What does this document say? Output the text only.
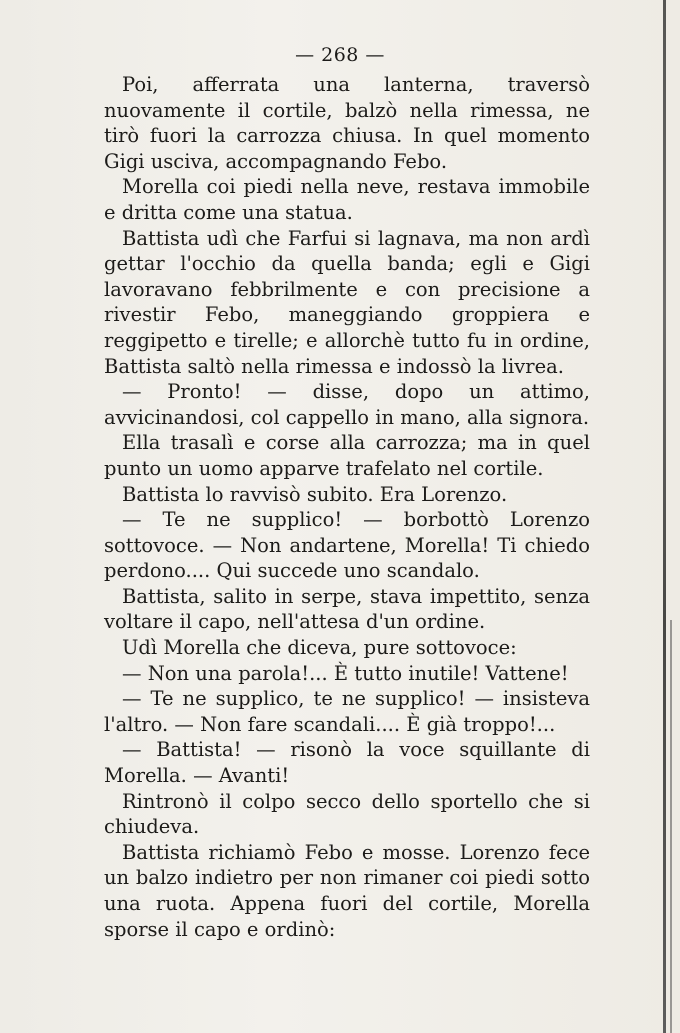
— 268 —

Poi, afferrata una lanterna, traversò nuovamente il cortile, balzò nella rimessa, ne tirò fuori la carrozza chiusa. In quel momento Gigi usciva, accompagnando Febo.

Morella coi piedi nella neve, restava immobile e dritta come una statua.

Battista udì che Farfui si lagnava, ma non ardì gettar l'occhio da quella banda; egli e Gigi lavoravano febbrilmente e con precisione a rivestir Febo, maneggiando groppiera e reggipetto e tirelle; e allorchè tutto fu in ordine, Battista saltò nella rimessa e indossò la livrea.

— Pronto! — disse, dopo un attimo, avvicinandosi, col cappello in mano, alla signora.

Ella trasalì e corse alla carrozza; ma in quel punto un uomo apparve trafelato nel cortile.

Battista lo ravvisò subito. Era Lorenzo.

— Te ne supplico! — borbottò Lorenzo sottovoce. — Non andartene, Morella! Ti chiedo perdono.... Qui succede uno scandalo.

Battista, salito in serpe, stava impettito, senza voltare il capo, nell'attesa d'un ordine.

Udì Morella che diceva, pure sottovoce:

— Non una parola!... È tutto inutile! Vattene!

— Te ne supplico, te ne supplico! — insisteva l'altro. — Non fare scandali.... È già troppo!...

— Battista! — risonò la voce squillante di Morella. — Avanti!

Rintronò il colpo secco dello sportello che si chiudeva.

Battista richiamò Febo e mosse. Lorenzo fece un balzo indietro per non rimaner coi piedi sotto una ruota. Appena fuori del cortile, Morella sporse il capo e ordinò:
